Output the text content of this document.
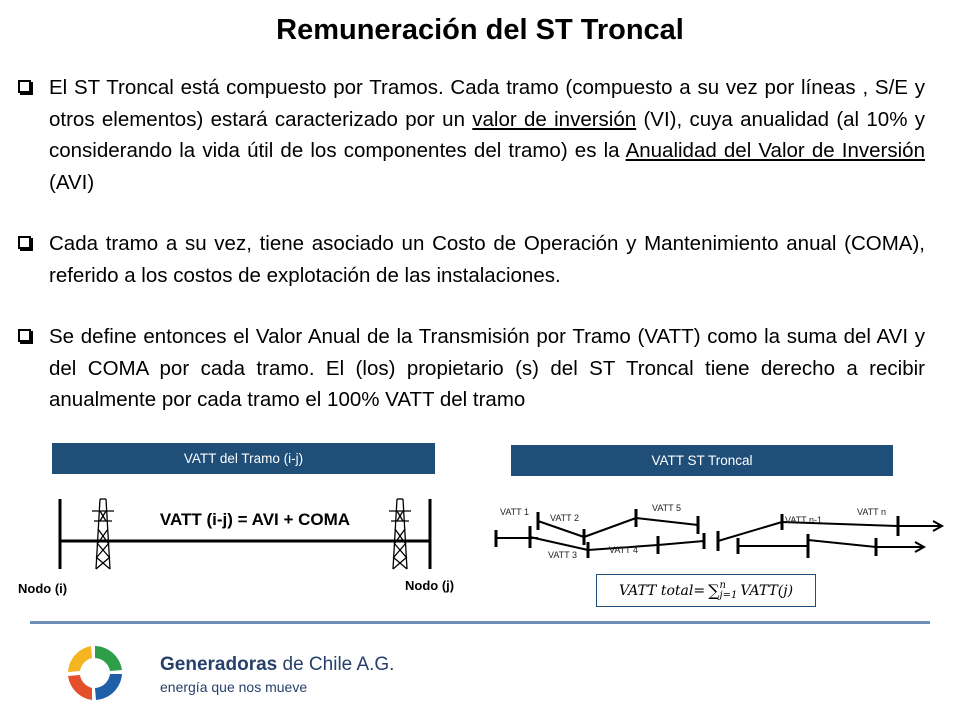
Remuneración del ST Troncal
El ST Troncal está compuesto por Tramos. Cada tramo (compuesto a su vez por líneas , S/E y otros elementos) estará caracterizado por un valor de inversión (VI), cuya anualidad (al 10% y considerando la vida útil de los componentes del tramo) es la Anualidad del Valor de Inversión (AVI)
Cada tramo a su vez, tiene asociado un Costo de Operación y Mantenimiento anual (COMA), referido a los costos de explotación de las instalaciones.
Se define entonces el Valor Anual de la Transmisión por Tramo (VATT) como la suma del AVI y del COMA por cada tramo. El (los) propietario (s) del ST Troncal tiene derecho a recibir anualmente por cada tramo el 100% VATT del tramo
VATT del Tramo (i-j)
VATT (i-j) = AVI + COMA
Nodo (i)	Nodo (j)
VATT ST Troncal
VATT 1
VATT 2
VATT 3	VATT 4
VATT 5
VATT n-1
VATT n
VATT total= ∑ n
j=1 VATT(j)
Generadoras de Chile A.G.
energía que nos mueve
